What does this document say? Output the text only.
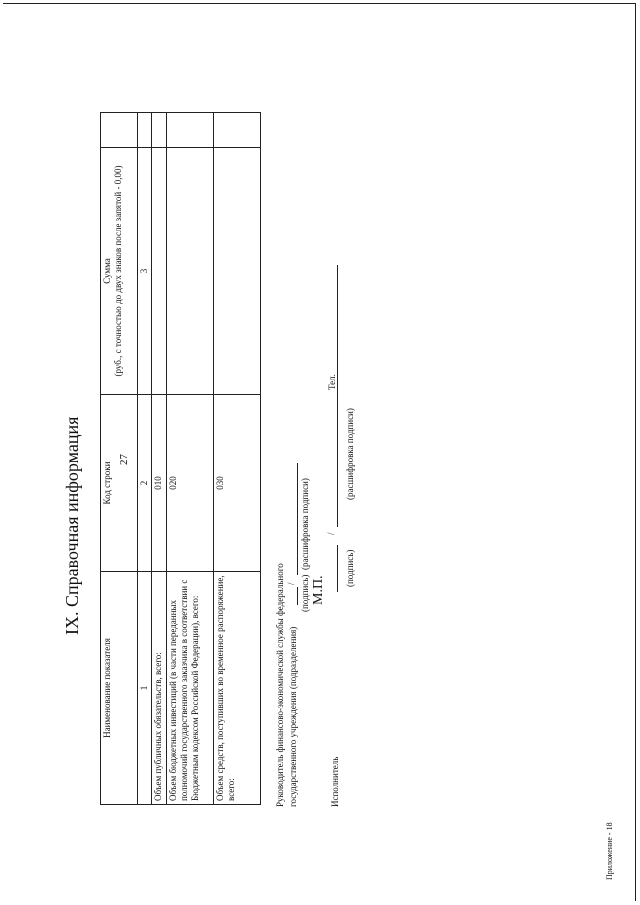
27
IX. Справочная информация
Наименование показателя	Код строки	Сумма (руб., с точностью до двух знаков после запятой - 0,00)	

1	2	3	
Объем публичных обязательств, всего:	010		
Объем бюджетных инвестиций (в части переданных полномочий государственного заказчика в соответствии с Бюджетным кодексом Российской Федерации), всего:	020		
Объем средств, поступивших во временное распоряжение, всего:	030		
Руководитель финансово-экономической службы федерального государственного учреждения (подразделения)
/ (подпись)
(расшифровка подписи)
М.П.
Исполнитель
/
(подпись)
(расшифровка подписи)
Тел.
Приложение - 18
